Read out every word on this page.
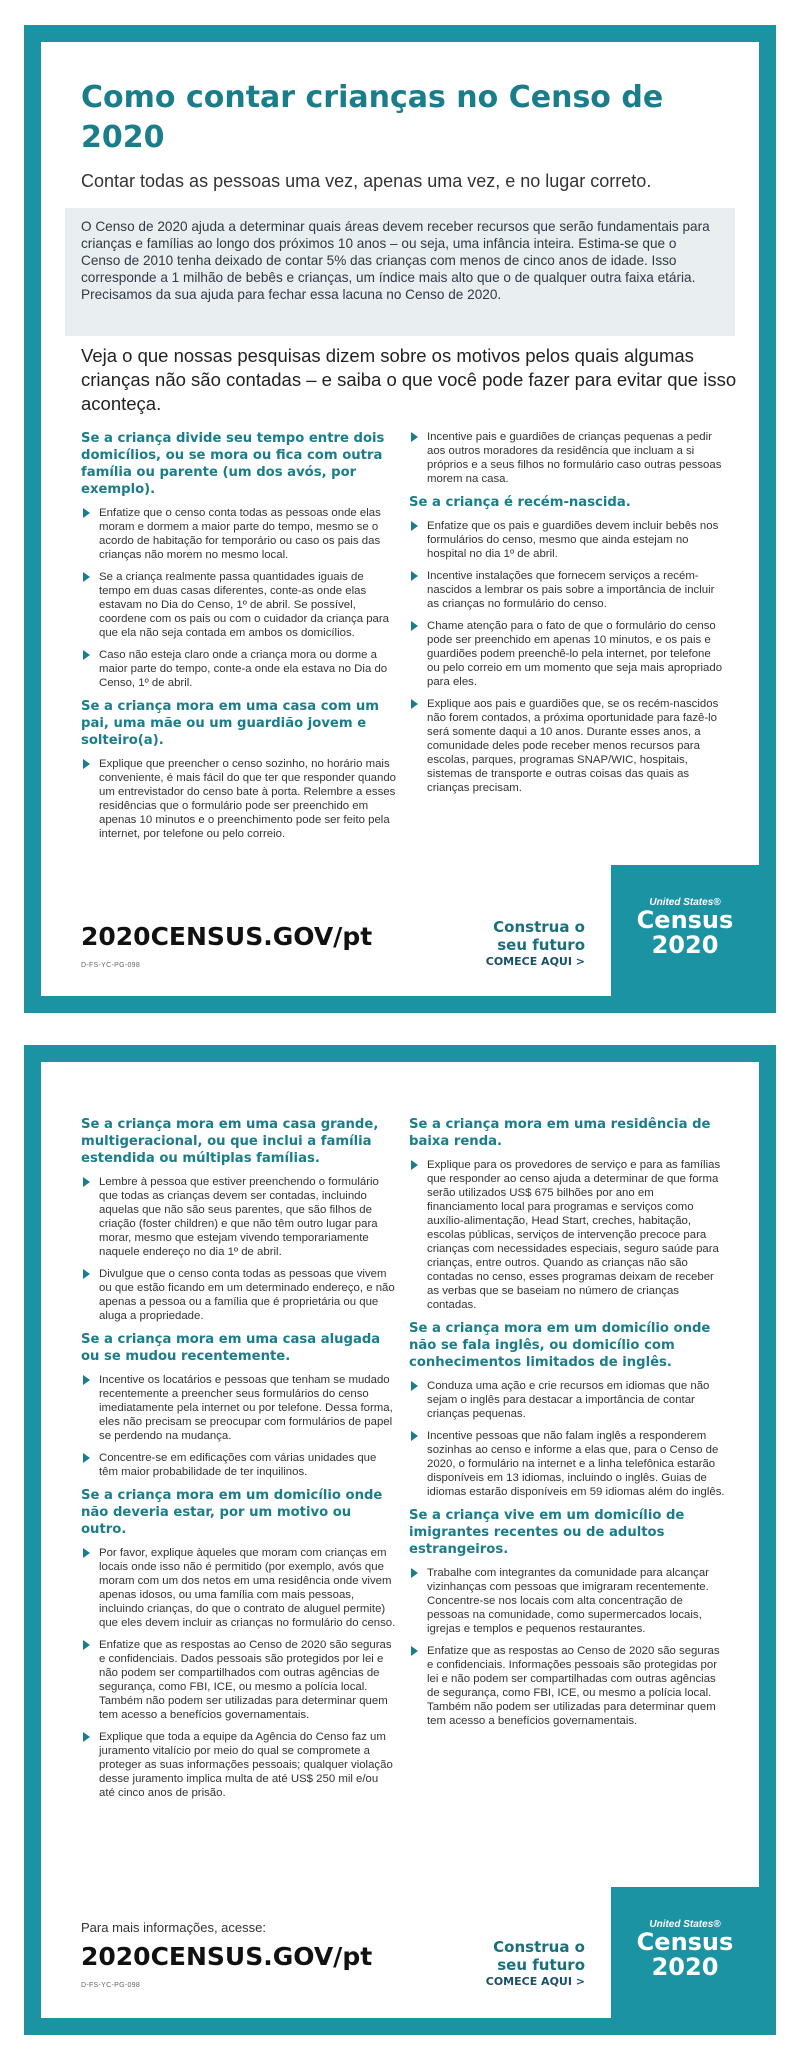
Como contar crianças no Censo de 2020

Contar todas as pessoas uma vez, apenas uma vez, e no lugar correto.

O Censo de 2020 ajuda a determinar quais áreas devem receber recursos que serão fundamentais para crianças e famílias ao longo dos próximos 10 anos – ou seja, uma infância inteira. Estima-se que o Censo de 2010 tenha deixado de contar 5% das crianças com menos de cinco anos de idade. Isso corresponde a 1 milhão de bebês e crianças, um índice mais alto que o de qualquer outra faixa etária. Precisamos da sua ajuda para fechar essa lacuna no Censo de 2020.

Veja o que nossas pesquisas dizem sobre os motivos pelos quais algumas crianças não são contadas – e saiba o que você pode fazer para evitar que isso aconteça.

Se a criança divide seu tempo entre dois domicílios, ou se mora ou fica com outra família ou parente (um dos avós, por exemplo).
Enfatize que o censo conta todas as pessoas onde elas moram e dormem a maior parte do tempo, mesmo se o acordo de habitação for temporário ou caso os pais das crianças não morem no mesmo local.
Se a criança realmente passa quantidades iguais de tempo em duas casas diferentes, conte-as onde elas estavam no Dia do Censo, 1º de abril. Se possível, coordene com os pais ou com o cuidador da criança para que ela não seja contada em ambos os domicílios.
Caso não esteja claro onde a criança mora ou dorme a maior parte do tempo, conte-a onde ela estava no Dia do Censo, 1º de abril.
Se a criança mora em uma casa com um pai, uma mãe ou um guardião jovem e solteiro(a).
Explique que preencher o censo sozinho, no horário mais conveniente, é mais fácil do que ter que responder quando um entrevistador do censo bate à porta. Relembre a esses residências que o formulário pode ser preenchido em apenas 10 minutos e o preenchimento pode ser feito pela internet, por telefone ou pelo correio.
Incentive pais e guardiões de crianças pequenas a pedir aos outros moradores da residência que incluam a si próprios e a seus filhos no formulário caso outras pessoas morem na casa.
Se a criança é recém-nascida.
Enfatize que os pais e guardiões devem incluir bebês nos formulários do censo, mesmo que ainda estejam no hospital no dia 1º de abril.
Incentive instalações que fornecem serviços a recém-nascidos a lembrar os pais sobre a importância de incluir as crianças no formulário do censo.
Chame atenção para o fato de que o formulário do censo pode ser preenchido em apenas 10 minutos, e os pais e guardiões podem preenchê-lo pela internet, por telefone ou pelo correio em um momento que seja mais apropriado para eles.
Explique aos pais e guardiões que, se os recém-nascidos não forem contados, a próxima oportunidade para fazê-lo será somente daqui a 10 anos. Durante esses anos, a comunidade deles pode receber menos recursos para escolas, parques, programas SNAP/WIC, hospitais, sistemas de transporte e outras coisas das quais as crianças precisam.
2020CENSUS.GOV/pt
D-FS-YC-PG-098
Construa o
seu futuro
COMECE AQUI >
United States®
Census
2020
Se a criança mora em uma casa grande, multigeracional, ou que inclui a família estendida ou múltiplas famílias.
Lembre à pessoa que estiver preenchendo o formulário que todas as crianças devem ser contadas, incluindo aquelas que não são seus parentes, que são filhos de criação (foster children) e que não têm outro lugar para morar, mesmo que estejam vivendo temporariamente naquele endereço no dia 1º de abril.
Divulgue que o censo conta todas as pessoas que vivem ou que estão ficando em um determinado endereço, e não apenas a pessoa ou a família que é proprietária ou que aluga a propriedade.
Se a criança mora em uma casa alugada ou se mudou recentemente.
Incentive os locatários e pessoas que tenham se mudado recentemente a preencher seus formulários do censo imediatamente pela internet ou por telefone. Dessa forma, eles não precisam se preocupar com formulários de papel se perdendo na mudança.
Concentre-se em edificações com várias unidades que têm maior probabilidade de ter inquilinos.
Se a criança mora em um domicílio onde não deveria estar, por um motivo ou outro.
Por favor, explique àqueles que moram com crianças em locais onde isso não é permitido (por exemplo, avós que moram com um dos netos em uma residência onde vivem apenas idosos, ou uma família com mais pessoas, incluindo crianças, do que o contrato de aluguel permite) que eles devem incluir as crianças no formulário do censo.
Enfatize que as respostas ao Censo de 2020 são seguras e confidenciais. Dados pessoais são protegidos por lei e não podem ser compartilhados com outras agências de segurança, como FBI, ICE, ou mesmo a polícia local. Também não podem ser utilizadas para determinar quem tem acesso a benefícios governamentais.
Explique que toda a equipe da Agência do Censo faz um juramento vitalício por meio do qual se compromete a proteger as suas informações pessoais; qualquer violação desse juramento implica multa de até US$ 250 mil e/ou até cinco anos de prisão.
Se a criança mora em uma residência de baixa renda.
Explique para os provedores de serviço e para as famílias que responder ao censo ajuda a determinar de que forma serão utilizados US$ 675 bilhões por ano em financiamento local para programas e serviços como auxílio-alimentação, Head Start, creches, habitação, escolas públicas, serviços de intervenção precoce para crianças com necessidades especiais, seguro saúde para crianças, entre outros. Quando as crianças não são contadas no censo, esses programas deixam de receber as verbas que se baseiam no número de crianças contadas.
Se a criança mora em um domicílio onde não se fala inglês, ou domicílio com conhecimentos limitados de inglês.
Conduza uma ação e crie recursos em idiomas que não sejam o inglês para destacar a importância de contar crianças pequenas.
Incentive pessoas que não falam inglês a responderem sozinhas ao censo e informe a elas que, para o Censo de 2020, o formulário na internet e a linha telefônica estarão disponíveis em 13 idiomas, incluindo o inglês. Guias de idiomas estarão disponíveis em 59 idiomas além do inglês.
Se a criança vive em um domicílio de imigrantes recentes ou de adultos estrangeiros.
Trabalhe com integrantes da comunidade para alcançar vizinhanças com pessoas que imigraram recentemente. Concentre-se nos locais com alta concentração de pessoas na comunidade, como supermercados locais, igrejas e templos e pequenos restaurantes.
Enfatize que as respostas ao Censo de 2020 são seguras e confidenciais. Informações pessoais são protegidas por lei e não podem ser compartilhadas com outras agências de segurança, como FBI, ICE, ou mesmo a polícia local. Também não podem ser utilizadas para determinar quem tem acesso a benefícios governamentais.
Para mais informações, acesse:
2020CENSUS.GOV/pt
D-FS-YC-PG-098
Construa o
seu futuro
COMECE AQUI >
United States®
Census
2020
